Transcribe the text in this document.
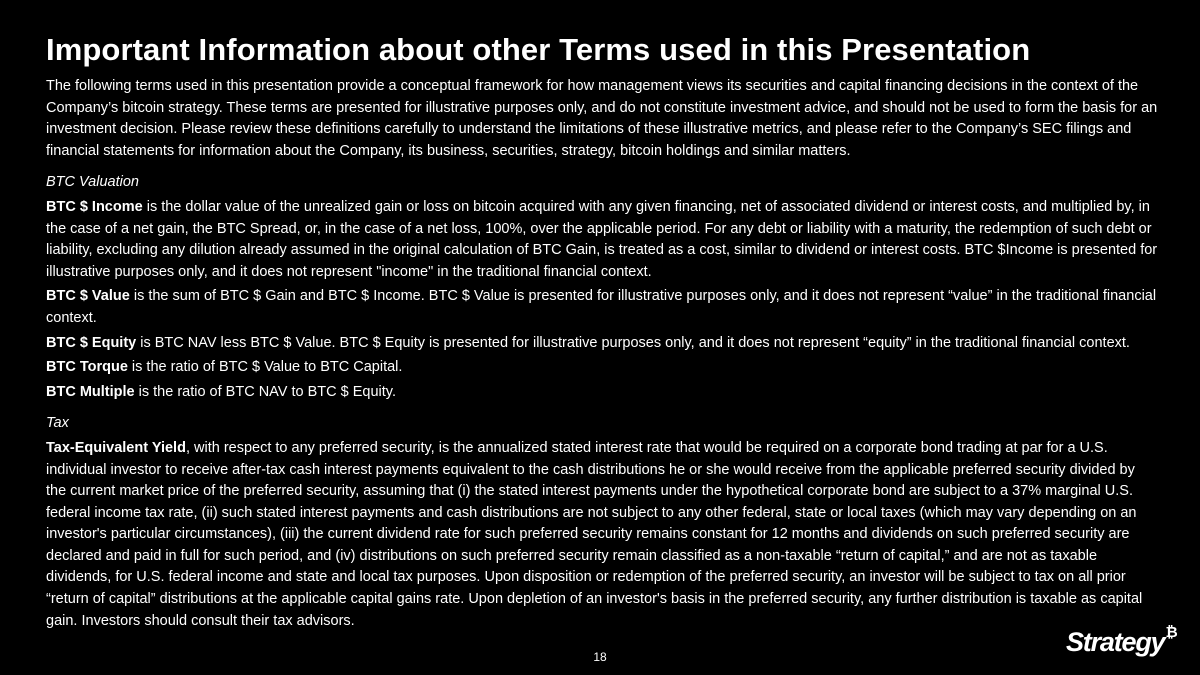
Important Information about other Terms used in this Presentation

The following terms used in this presentation provide a conceptual framework for how management views its securities and capital financing decisions in the context of the Company’s bitcoin strategy. These terms are presented for illustrative purposes only, and do not constitute investment advice, and should not be used to form the basis for an investment decision. Please review these definitions carefully to understand the limitations of these illustrative metrics, and please refer to the Company’s SEC filings and financial statements for information about the Company, its business, securities, strategy, bitcoin holdings and similar matters.

BTC Valuation

BTC $ Income is the dollar value of the unrealized gain or loss on bitcoin acquired with any given financing, net of associated dividend or interest costs, and multiplied by, in the case of a net gain, the BTC Spread, or, in the case of a net loss, 100%, over the applicable period. For any debt or liability with a maturity, the redemption of such debt or liability, excluding any dilution already assumed in the original calculation of BTC Gain, is treated as a cost, similar to dividend or interest costs. BTC $Income is presented for illustrative purposes only, and it does not represent "income" in the traditional financial context.

BTC $ Value is the sum of BTC $ Gain and BTC $ Income. BTC $ Value is presented for illustrative purposes only, and it does not represent “value” in the traditional financial context.

BTC $ Equity is BTC NAV less BTC $ Value. BTC $ Equity is presented for illustrative purposes only, and it does not represent “equity” in the traditional financial context.

BTC Torque is the ratio of BTC $ Value to BTC Capital.

BTC Multiple is the ratio of BTC NAV to BTC $ Equity.

Tax

Tax-Equivalent Yield, with respect to any preferred security, is the annualized stated interest rate that would be required on a corporate bond trading at par for a U.S. individual investor to receive after-tax cash interest payments equivalent to the cash distributions he or she would receive from the applicable preferred security divided by the current market price of the preferred security, assuming that (i) the stated interest payments under the hypothetical corporate bond are subject to a 37% marginal U.S. federal income tax rate, (ii) such stated interest payments and cash distributions are not subject to any other federal, state or local taxes (which may vary depending on an investor's particular circumstances), (iii) the current dividend rate for such preferred security remains constant for 12 months and dividends on such preferred security are declared and paid in full for such period, and (iv) distributions on such preferred security remain classified as a non-taxable “return of capital,” and are not as taxable dividends, for U.S. federal income and state and local tax purposes. Upon disposition or redemption of the preferred security, an investor will be subject to tax on all prior “return of capital” distributions at the applicable capital gains rate. Upon depletion of an investor's basis in the preferred security, any further distribution is taxable as capital gain. Investors should consult their tax advisors.

18	Strategy ₿
